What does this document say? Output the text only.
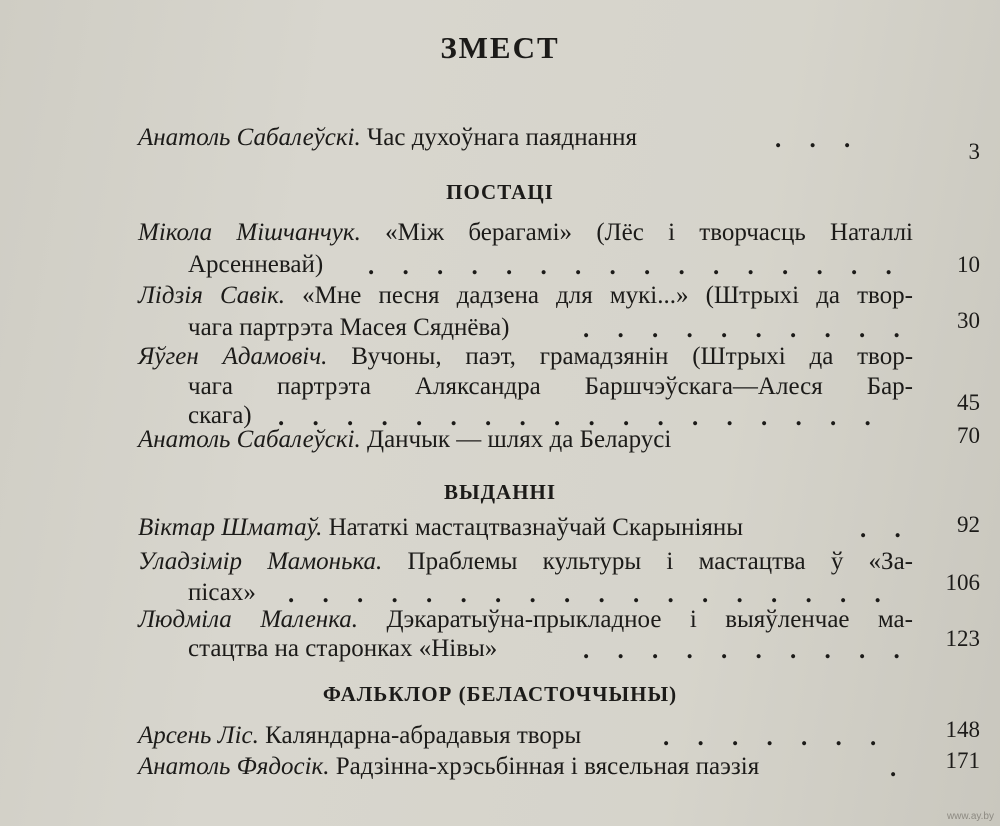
ЗМЕСТ
Анатоль Сабалеўскі. Час духоўнага паяднання	. . .	3
ПОСТАЦІ
Мікола Мішчанчук. «Між берагамі» (Лёс і творчасць Наталлі
Арсенневай) . . . . . . . . . . . . . . . .	10
Лідзія Савік. «Мне песня дадзена для мукі...» (Штрыхі да твор-
чага партрэта Масея Сяднёва)	. . . . . . . . . . 30
Яўген Адамовіч. Вучоны, паэт, грамадзянін (Штрыхі да твор-
чага партрэта Аляксандра Баршчэўскага—Алеся Бар-
скага) . . . . . . . . . . . . . . . . . .
45
Анатоль Сабалеўскі. Данчык — шлях да Беларусі	70
ВЫДАННІ
Віктар Шматаў. Нататкі мастацтвазнаўчай Скарыніяны	. .	92
Уладзімір Мамонька. Праблемы культуры і мастацтва ў «За-
пісах» . . . . . . . . . . . . . . . . . .	106
Людміла Маленка. Дэкаратыўна-прыкладное і выяўленчае ма-
стацтва на старонках «Нівы»	. . . . . . . . . . 123
ФАЛЬКЛОР (БЕЛАСТОЧЧЫНЫ)
Арсень Ліс. Каляндарна-абрадавыя творы	. . . . . . .	148
Анатоль Фядосік. Радзінна-хрэсьбінная і вясельная паэзія	.	171
www.ay.by
